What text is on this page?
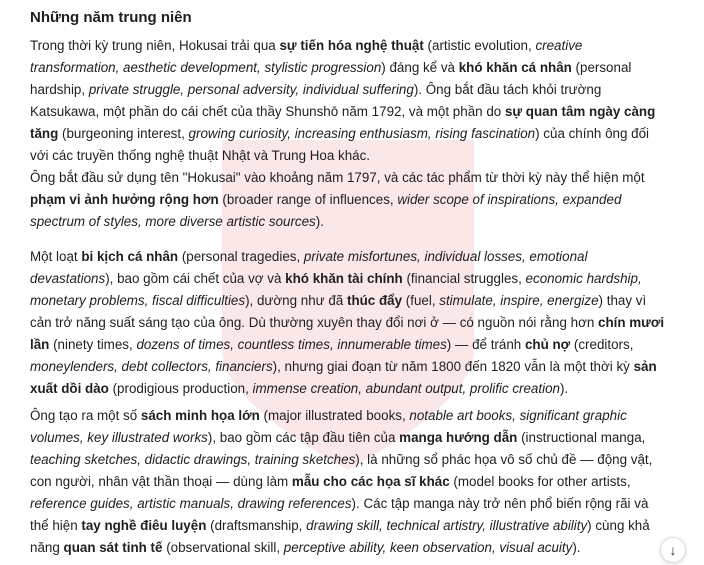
Những năm trung niên
Trong thời kỳ trung niên, Hokusai trải qua sự tiến hóa nghệ thuật (artistic evolution, creative
transformation, aesthetic development, stylistic progression) đáng kể và khó khăn cá nhân (personal
hardship, private struggle, personal adversity, individual suffering). Ông bắt đầu tách khỏi trường
Katsukawa, một phần do cái chết của thầy Shunshō năm 1792, và một phần do sự quan tâm ngày càng
tăng (burgeoning interest, growing curiosity, increasing enthusiasm, rising fascination) của chính ông đối
với các truyền thống nghệ thuật Nhật và Trung Hoa khác.
Ông bắt đầu sử dụng tên "Hokusai" vào khoảng năm 1797, và các tác phẩm từ thời kỳ này thể hiện một
phạm vi ảnh hưởng rộng hơn (broader range of influences, wider scope of inspirations, expanded
spectrum of styles, more diverse artistic sources).
Một loạt bi kịch cá nhân (personal tragedies, private misfortunes, individual losses, emotional
devastations), bao gồm cái chết của vợ và khó khăn tài chính (financial struggles, economic hardship,
monetary problems, fiscal difficulties), dường như đã thúc đẩy (fuel, stimulate, inspire, energize) thay vì
cản trở năng suất sáng tạo của ông. Dù thường xuyên thay đổi nơi ở — có nguồn nói rằng hơn chín mươi
lần (ninety times, dozens of times, countless times, innumerable times) — để tránh chủ nợ (creditors,
moneylenders, debt collectors, financiers), nhưng giai đoạn từ năm 1800 đến 1820 vẫn là một thời kỳ sản
xuất dồi dào (prodigious production, immense creation, abundant output, prolific creation).
Ông tạo ra một số sách minh họa lớn (major illustrated books, notable art books, significant graphic
volumes, key illustrated works), bao gồm các tập đầu tiên của manga hướng dẫn (instructional manga,
teaching sketches, didactic drawings, training sketches), là những sổ phác họa vô số chủ đề — động vật,
con người, nhân vật thần thoại — dùng làm mẫu cho các họa sĩ khác (model books for other artists,
reference guides, artistic manuals, drawing references). Các tập manga này trở nên phổ biến rộng rãi và
thể hiện tay nghề điêu luyện (draftsmanship, drawing skill, technical artistry, illustrative ability) cùng khả
năng quan sát tinh tế (observational skill, perceptive ability, keen observation, visual acuity).	↓
